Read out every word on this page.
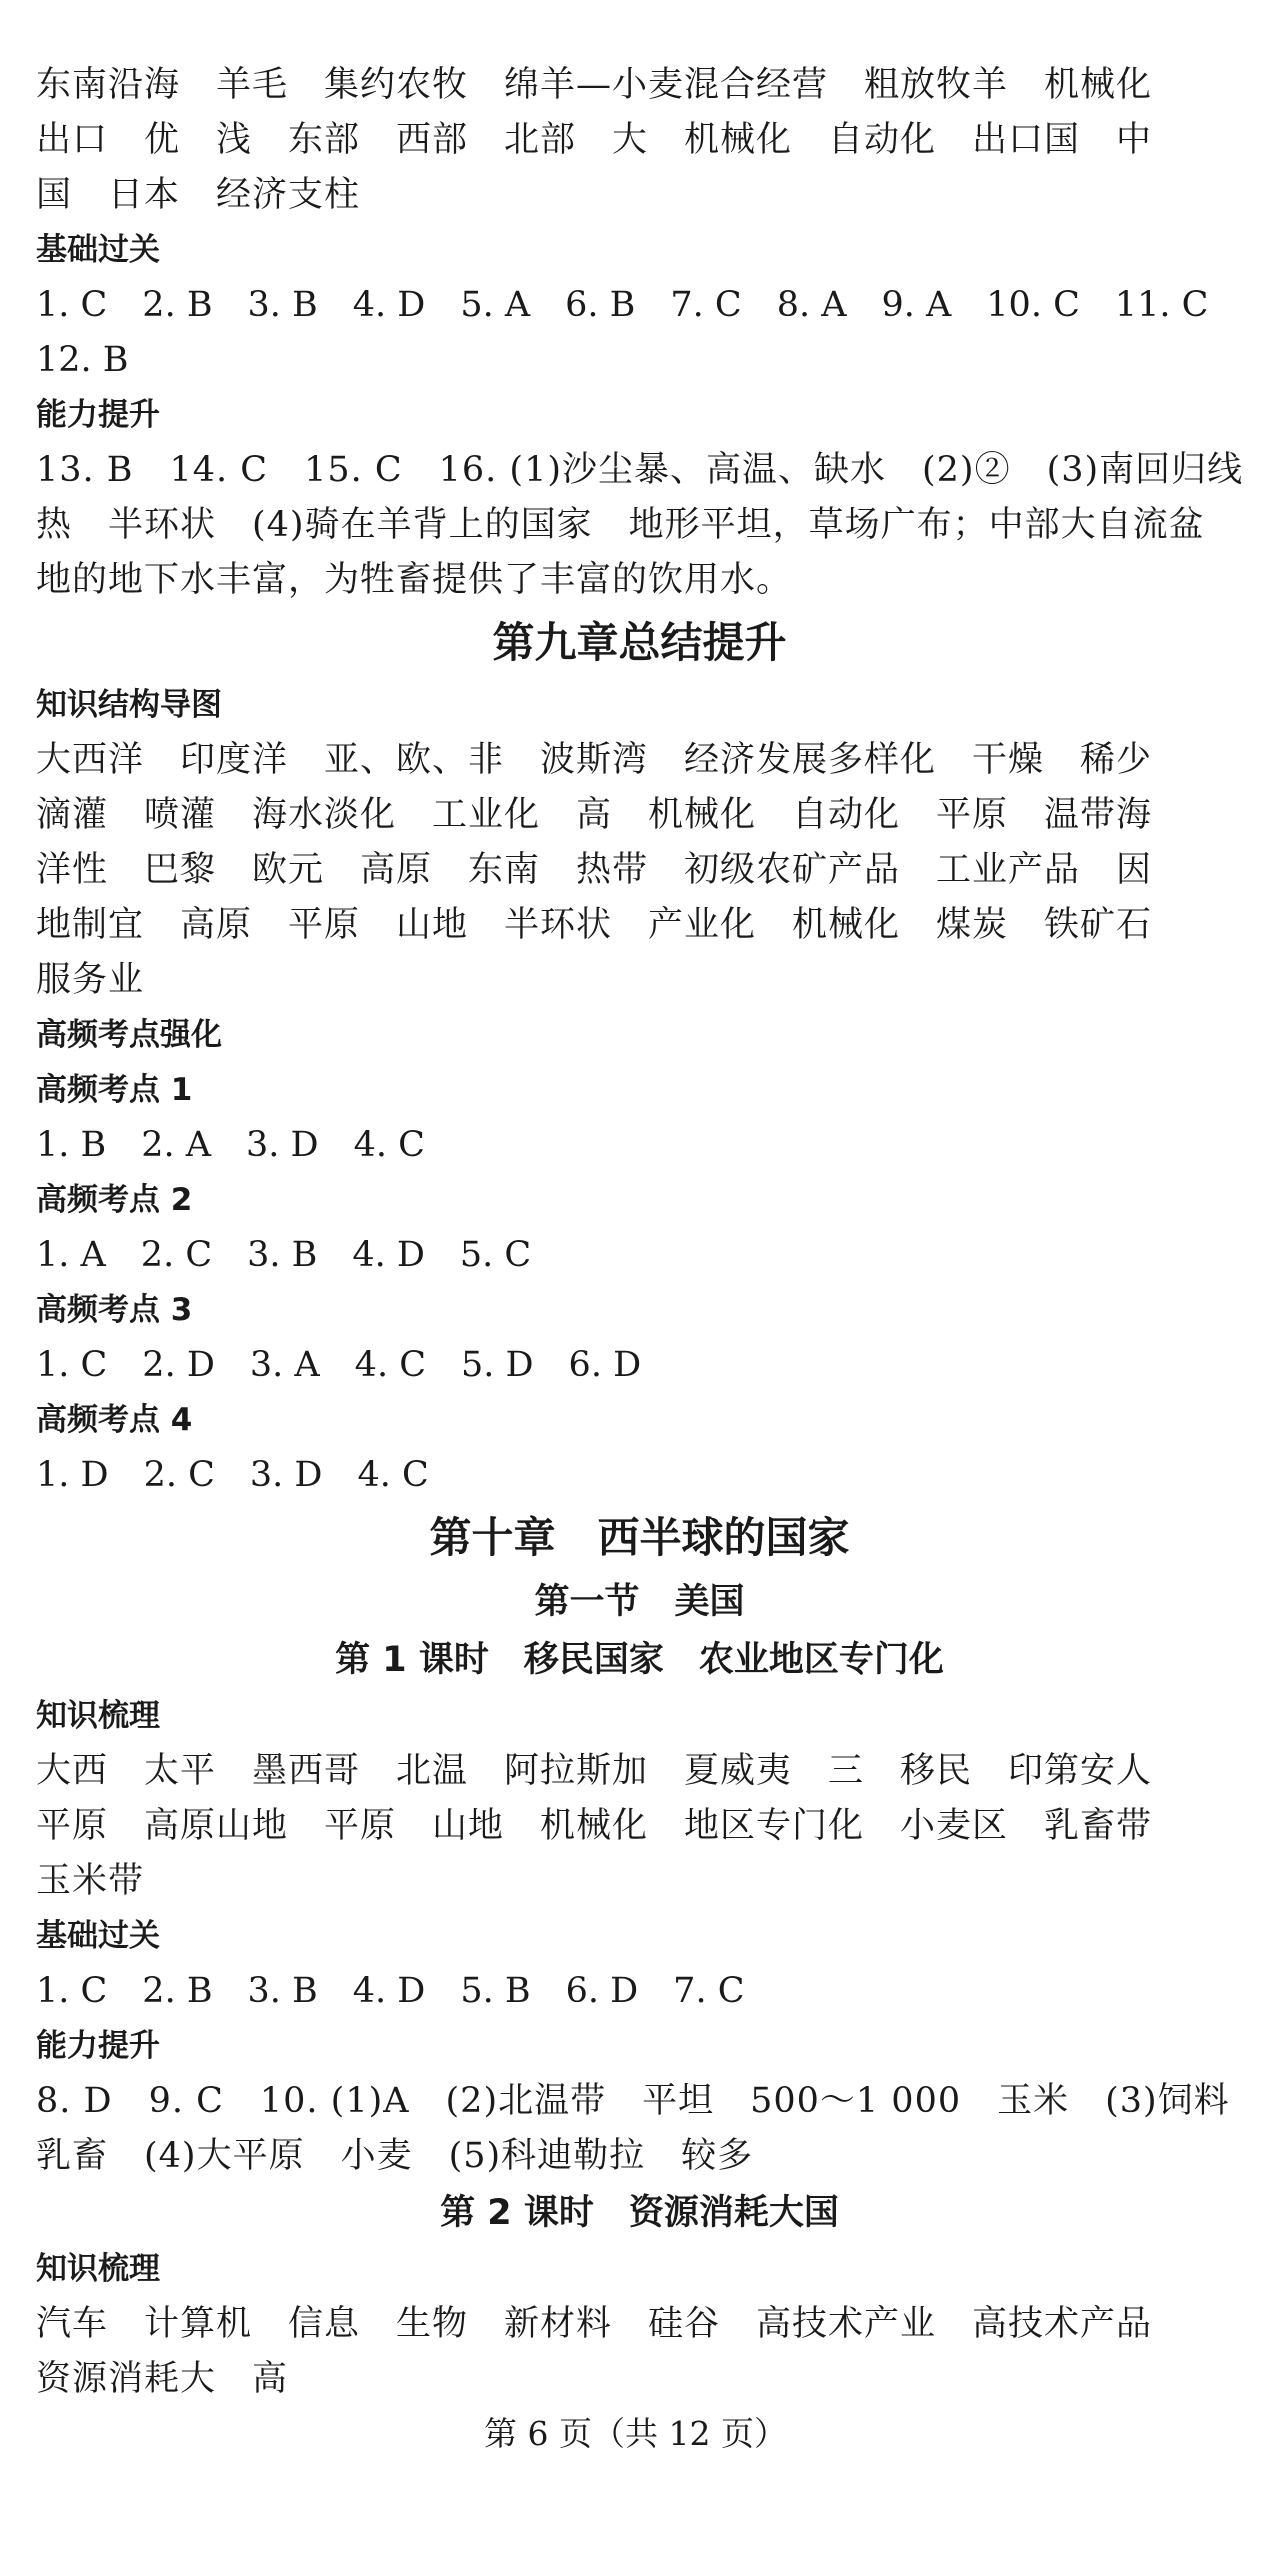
东南沿海　羊毛　集约农牧　绵羊—小麦混合经营　粗放牧羊　机械化

出口　优　浅　东部　西部　北部　大　机械化　自动化　出口国　中

国　日本　经济支柱

基础过关

1. C　2. B　3. B　4. D　5. A　6. B　7. C　8. A　9. A　10. C　11. C

12. B

能力提升

13. B　14. C　15. C　16. (1)沙尘暴、高温、缺水　(2)②　(3)南回归线

热　半环状　(4)骑在羊背上的国家　地形平坦，草场广布；中部大自流盆

地的地下水丰富，为牲畜提供了丰富的饮用水。

第九章总结提升

知识结构导图

大西洋　印度洋　亚、欧、非　波斯湾　经济发展多样化　干燥　稀少

滴灌　喷灌　海水淡化　工业化　高　机械化　自动化　平原　温带海

洋性　巴黎　欧元　高原　东南　热带　初级农矿产品　工业产品　因

地制宜　高原　平原　山地　半环状　产业化　机械化　煤炭　铁矿石

服务业

高频考点强化

高频考点 1

1. B　2. A　3. D　4. C

高频考点 2

1. A　2. C　3. B　4. D　5. C

高频考点 3

1. C　2. D　3. A　4. C　5. D　6. D

高频考点 4

1. D　2. C　3. D　4. C

第十章　西半球的国家

第一节　美国

第 1 课时　移民国家　农业地区专门化

知识梳理

大西　太平　墨西哥　北温　阿拉斯加　夏威夷　三　移民　印第安人

平原　高原山地　平原　山地　机械化　地区专门化　小麦区　乳畜带

玉米带

基础过关

1. C　2. B　3. B　4. D　5. B　6. D　7. C

能力提升

8. D　9. C　10. (1)A　(2)北温带　平坦　500～1 000　玉米　(3)饲料

乳畜　(4)大平原　小麦　(5)科迪勒拉　较多

第 2 课时　资源消耗大国

知识梳理

汽车　计算机　信息　生物　新材料　硅谷　高技术产业　高技术产品

资源消耗大　高

第 6 页（共 12 页）
